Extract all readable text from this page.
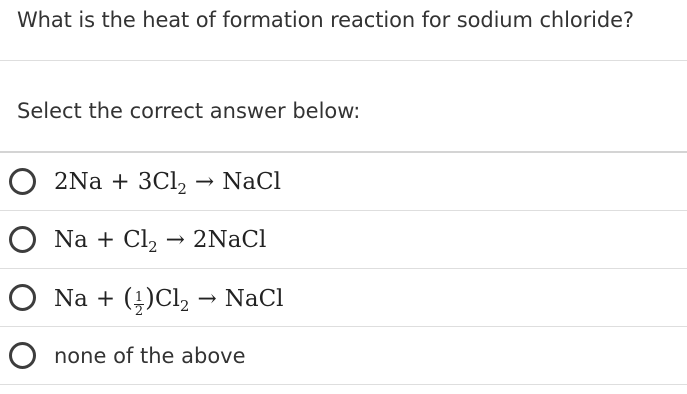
What is the heat of formation reaction for sodium chloride?
Select the correct answer below:
$2Na + 3Cl_2$ → NaCl
$Na + Cl_2$ → 2NaCl
Na + ( $\frac{1}{2} )Cl_2$ → NaCl
none of the above
